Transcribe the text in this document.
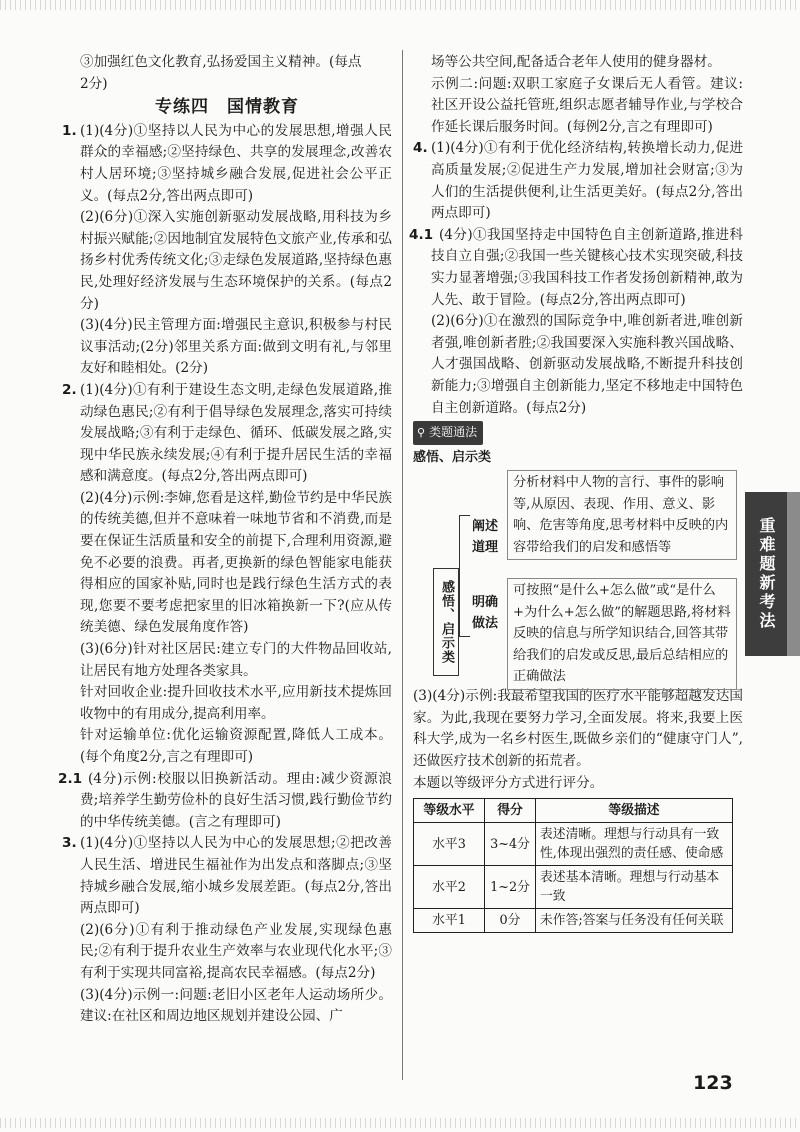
③加强红色文化教育,弘扬爱国主义精神。(每点
2分)

专练四　国情教育
1. (1)(4分)①坚持以人民为中心的发展思想,增强人民群众的幸福感;②坚持绿色、共享的发展理念,改善农村人居环境;③坚持城乡融合发展,促进社会公平正义。(每点2分,答出两点即可)

(2)(6分)①深入实施创新驱动发展战略,用科技为乡村振兴赋能;②因地制宜发展特色文旅产业,传承和弘扬乡村优秀传统文化;③走绿色发展道路,坚持绿色惠民,处理好经济发展与生态环境保护的关系。(每点2分)

(3)(4分)民主管理方面:增强民主意识,积极参与村民议事活动;(2分)邻里关系方面:做到文明有礼,与邻里友好和睦相处。(2分)

2. (1)(4分)①有利于建设生态文明,走绿色发展道路,推动绿色惠民;②有利于倡导绿色发展理念,落实可持续发展战略;③有利于走绿色、循环、低碳发展之路,实现中华民族永续发展;④有利于提升居民生活的幸福感和满意度。(每点2分,答出两点即可)

(2)(4分)示例:李婶,您看是这样,勤俭节约是中华民族的传统美德,但并不意味着一味地节省和不消费,而是要在保证生活质量和安全的前提下,合理利用资源,避免不必要的浪费。再者,更换新的绿色智能家电能获得相应的国家补贴,同时也是践行绿色生活方式的表现,您要不要考虑把家里的旧冰箱换新一下?(应从传统美德、绿色发展角度作答)

(3)(6分)针对社区居民:建立专门的大件物品回收站,让居民有地方处理各类家具。

针对回收企业:提升回收技术水平,应用新技术提炼回收物中的有用成分,提高利用率。

针对运输单位:优化运输资源配置,降低人工成本。(每个角度2分,言之有理即可)

2.1 (4分)示例:校服以旧换新活动。理由:减少资源浪费;培养学生勤劳俭朴的良好生活习惯,践行勤俭节约的中华传统美德。(言之有理即可)

3. (1)(4分)①坚持以人民为中心的发展思想;②把改善人民生活、增进民生福祉作为出发点和落脚点;③坚持城乡融合发展,缩小城乡发展差距。(每点2分,答出两点即可)

(2)(6分)①有利于推动绿色产业发展,实现绿色惠民;②有利于提升农业生产效率与农业现代化水平;③有利于实现共同富裕,提高农民幸福感。(每点2分)

(3)(4分)示例一:问题:老旧小区老年人运动场所少。建议:在社区和周边地区规划并建设公园、广

场等公共空间,配备适合老年人使用的健身器材。

示例二:问题:双职工家庭子女课后无人看管。建议:社区开设公益托管班,组织志愿者辅导作业,与学校合作延长课后服务时间。(每例2分,言之有理即可)

4. (1)(4分)①有利于优化经济结构,转换增长动力,促进高质量发展;②促进生产力发展,增加社会财富;③为人们的生活提供便利,让生活更美好。(每点2分,答出两点即可)

4.1 (4分)①我国坚持走中国特色自主创新道路,推进科技自立自强;②我国一些关键核心技术实现突破,科技实力显著增强;③我国科技工作者发扬创新精神,敢为人先、敢于冒险。(每点2分,答出两点即可)

(2)(6分)①在激烈的国际竞争中,唯创新者进,唯创新者强,唯创新者胜;②我国要深入实施科教兴国战略、人才强国战略、创新驱动发展战略,不断提升科技创新能力;③增强自主创新能力,坚定不移地走中国特色自主创新道路。(每点2分)

⚲ 类题通法
感悟、启示类
感悟、启示类
阐述道理
分析材料中人物的言行、事件的影响等,从原因、表现、作用、意义、影响、危害等角度,思考材料中反映的内容带给我们的启发和感悟等
明确做法
可按照“是什么+怎么做”或“是什么+为什么+怎么做”的解题思路,将材料反映的信息与所学知识结合,回答其带给我们的启发或反思,最后总结相应的正确做法

(3)(4分)示例:我最希望我国的医疗水平能够超越发达国家。为此,我现在要努力学习,全面发展。将来,我要上医科大学,成为一名乡村医生,既做乡亲们的“健康守门人”,还做医疗技术创新的拓荒者。

本题以等级评分方式进行评分。

等级水平	得分	等级描述
水平3	3~4分	表述清晰。理想与行动具有一致性,体现出强烈的责任感、使命感
水平2	1~2分	表述基本清晰。理想与行动基本一致
水平1	0分	未作答;答案与任务没有任何关联
重难题新考法
123
